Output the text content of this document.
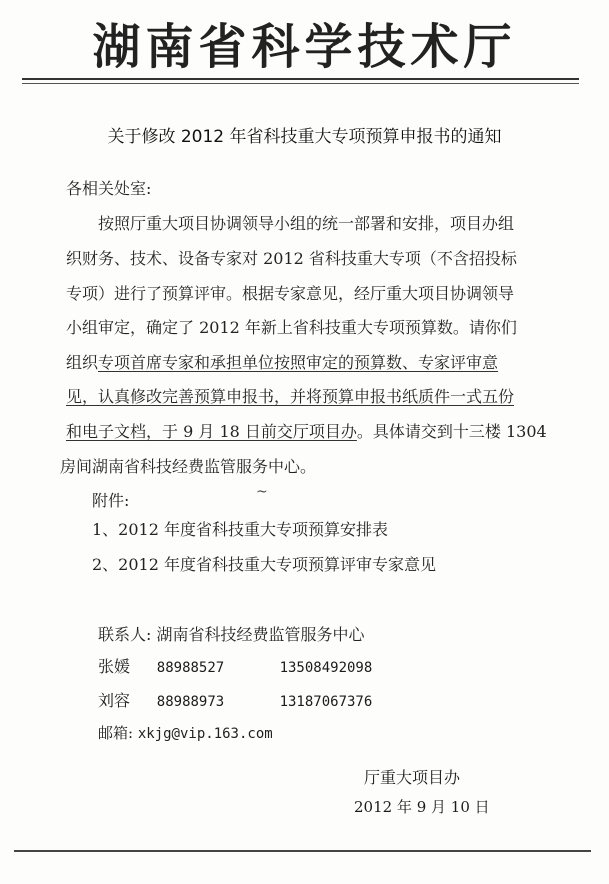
湖南省科学技术厅
关于修改 2012 年省科技重大专项预算申报书的通知
各相关处室:
按照厅重大项目协调领导小组的统一部署和安排，项目办组
织财务、技术、设备专家对 2012 省科技重大专项（不含招投标
专项）进行了预算评审。根据专家意见，经厅重大项目协调领导
小组审定，确定了 2012 年新上省科技重大专项预算数。请你们
组织专项首席专家和承担单位按照审定的预算数、专家评审意
见，认真修改完善预算申报书，并将预算申报书纸质件一式五份
和电子文档，于 9 月 18 日前交厅项目办。具体请交到十三楼 1304
房间湖南省科技经费监管服务中心。
附件:	~
1、2012 年度省科技重大专项预算安排表
2、2012 年度省科技重大专项预算评审专家意见
联系人: 湖南省科技经费监管服务中心
张媛 88988527	13508492098
刘容 88988973	13187067376
邮箱: xkjg@vip.163.com
厅重大项目办
2012 年 9 月 10 日
